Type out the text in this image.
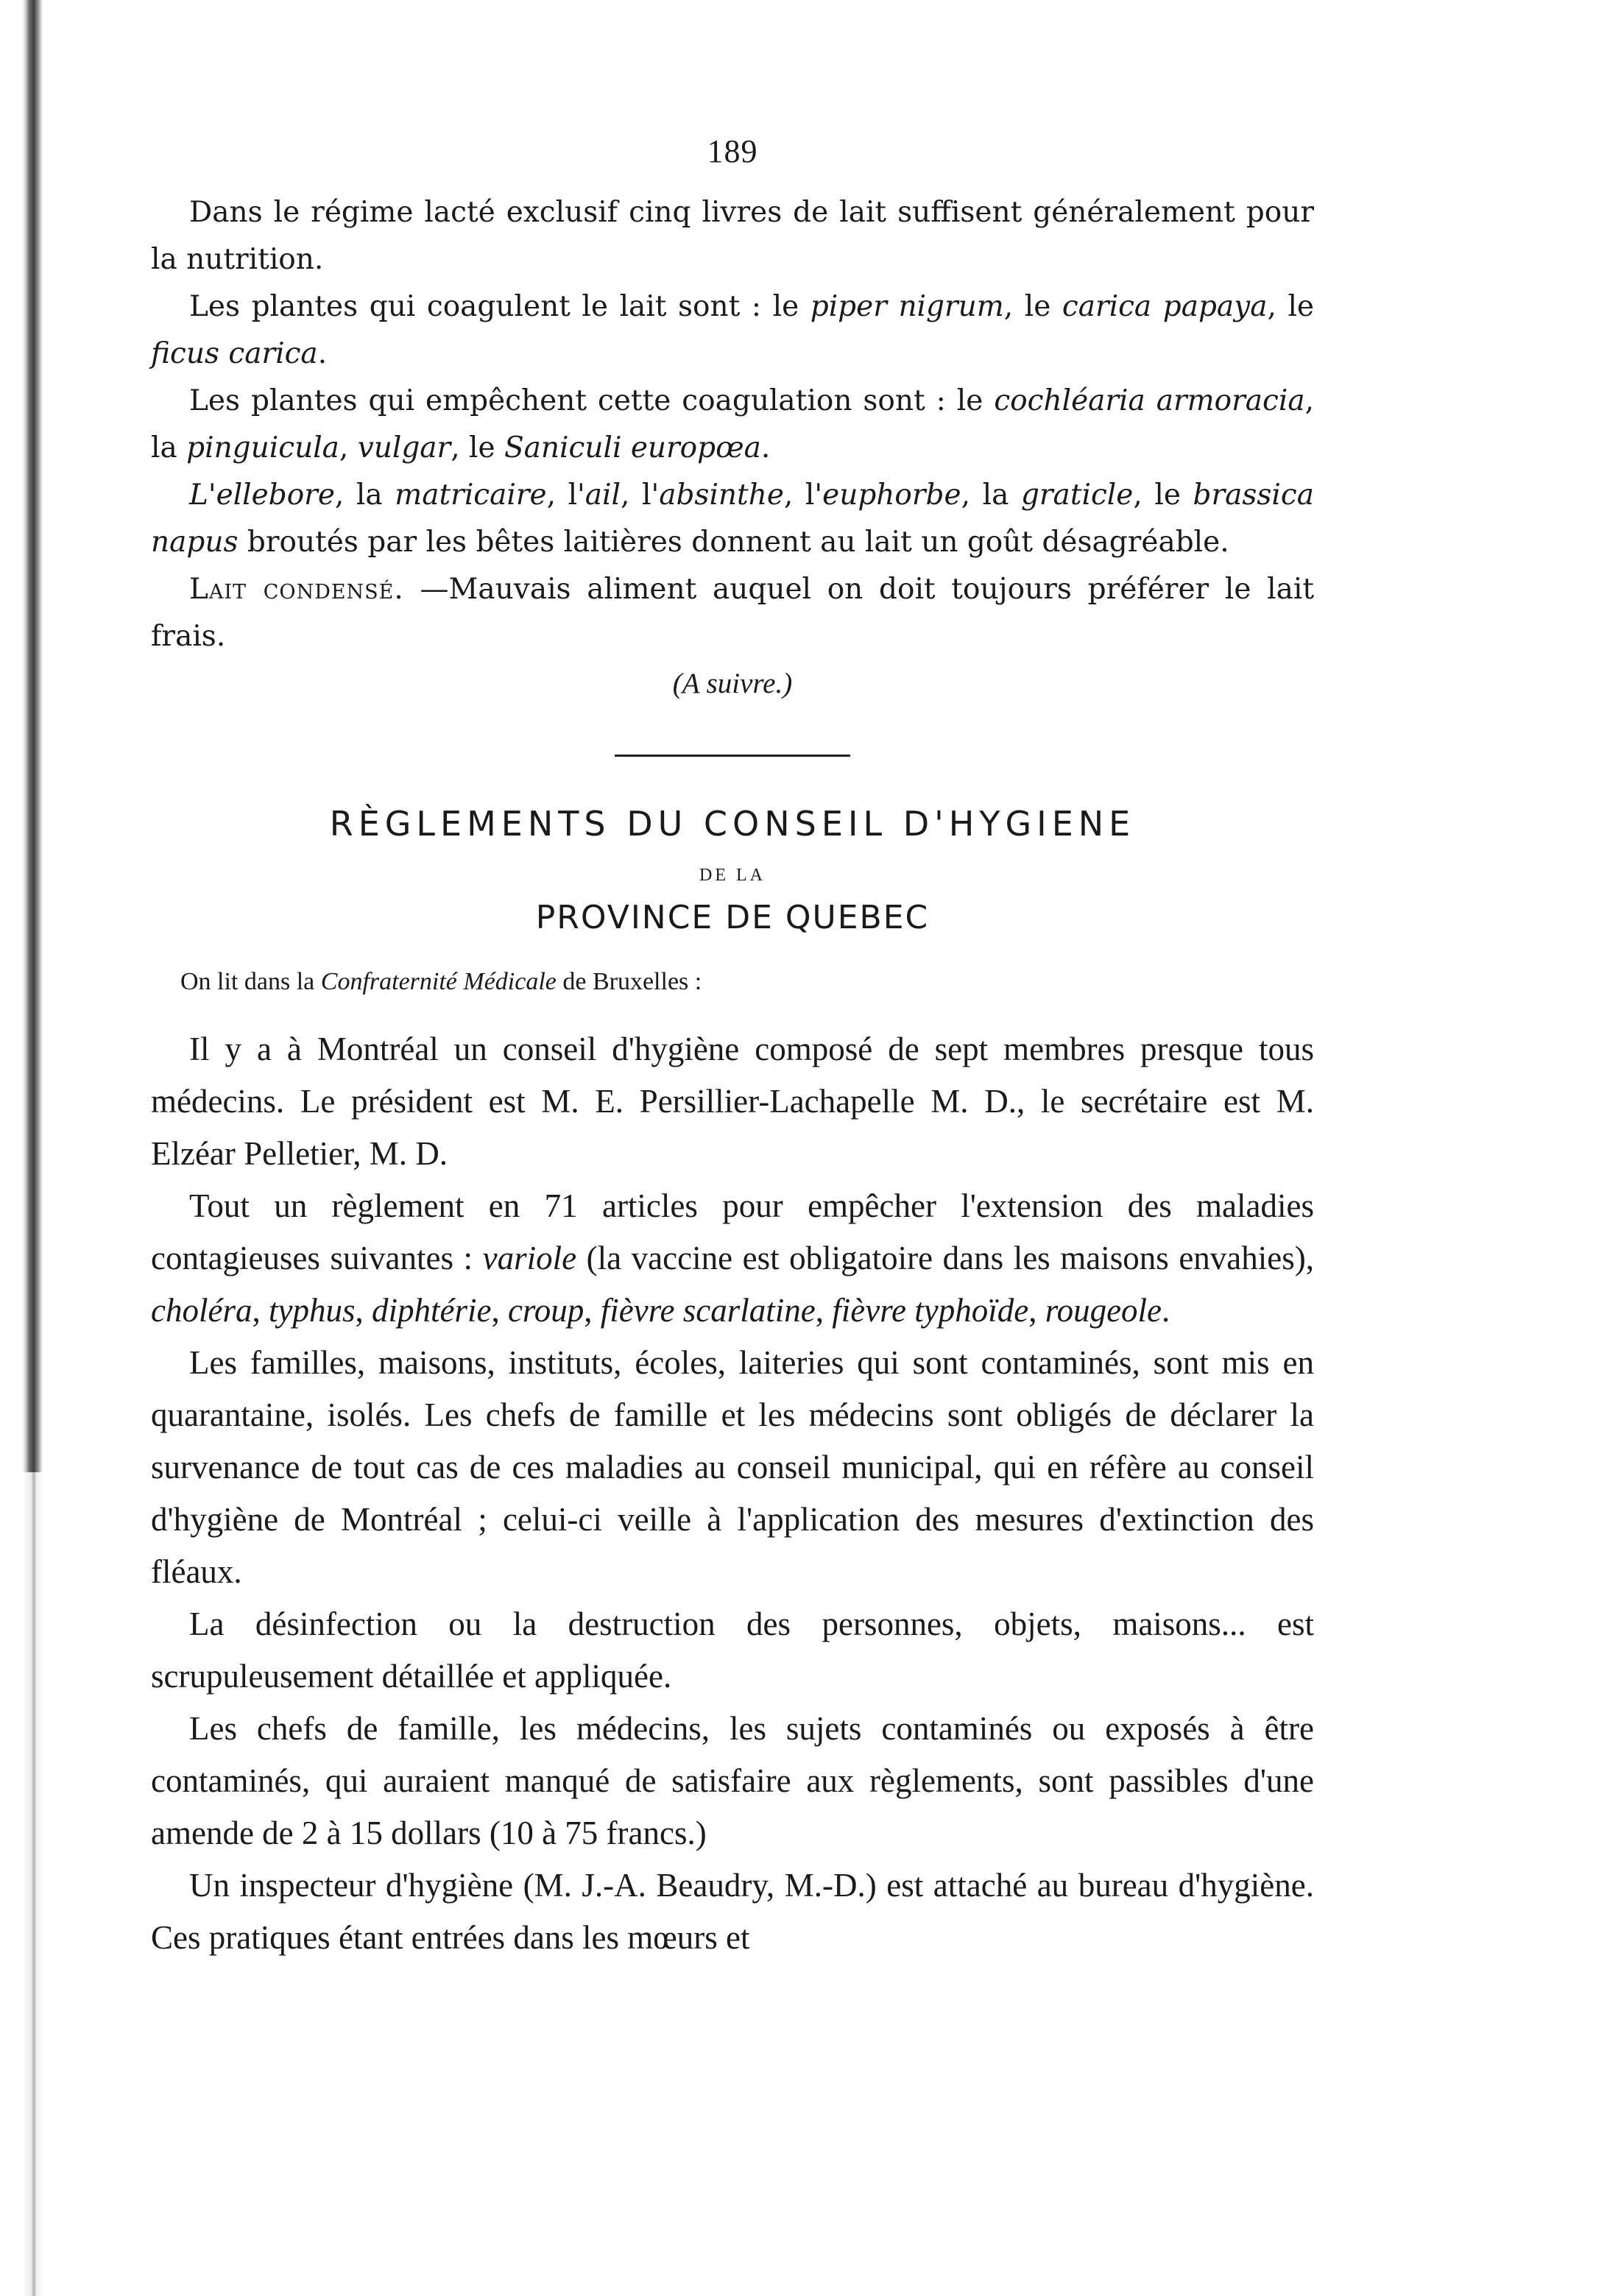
189

Dans le régime lacté exclusif cinq livres de lait suffisent généralement pour la nutrition.

Les plantes qui coagulent le lait sont : le piper nigrum, le carica papaya, le ficus carica.

Les plantes qui empêchent cette coagulation sont : le cochléaria armoracia, la pinguicula, vulgar, le Saniculi europœa.

L'ellebore, la matricaire, l'ail, l'absinthe, l'euphorbe, la graticle, le brassica napus broutés par les bêtes laitières donnent au lait un goût désagréable.

Lait condensé. —Mauvais aliment auquel on doit toujours préférer le lait frais.

(A suivre.)
RÈGLEMENTS DU CONSEIL D'HYGIENE
DE LA
PROVINCE DE QUEBEC
On lit dans la Confraternité Médicale de Bruxelles :

Il y a à Montréal un conseil d'hygiène composé de sept membres presque tous médecins. Le président est M. E. Persillier-Lachapelle M. D., le secrétaire est M. Elzéar Pelletier, M. D.

Tout un règlement en 71 articles pour empêcher l'extension des maladies contagieuses suivantes : variole (la vaccine est obligatoire dans les maisons envahies), choléra, typhus, diphtérie, croup, fièvre scarlatine, fièvre typhoïde, rougeole.

Les familles, maisons, instituts, écoles, laiteries qui sont contaminés, sont mis en quarantaine, isolés. Les chefs de famille et les médecins sont obligés de déclarer la survenance de tout cas de ces maladies au conseil municipal, qui en réfère au conseil d'hygiène de Montréal ; celui-ci veille à l'application des mesures d'extinction des fléaux.

La désinfection ou la destruction des personnes, objets, maisons... est scrupuleusement détaillée et appliquée.

Les chefs de famille, les médecins, les sujets contaminés ou exposés à être contaminés, qui auraient manqué de satisfaire aux règlements, sont passibles d'une amende de 2 à 15 dollars (10 à 75 francs.)

Un inspecteur d'hygiène (M. J.-A. Beaudry, M.-D.) est attaché au bureau d'hygiène. Ces pratiques étant entrées dans les mœurs et
